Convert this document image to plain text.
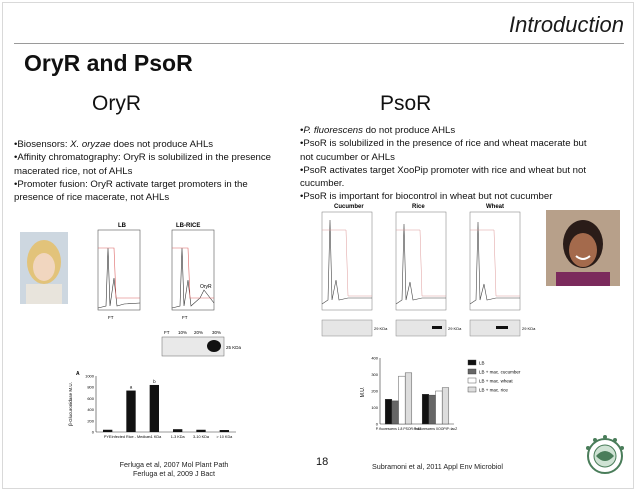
Introduction
OryR and PsoR
OryR
•Biosensors: X. oryzae does not produce AHLs
•Affinity chromatography: OryR is solubilized in the presence macerated rice, not of AHLs
•Promoter fusion: OryR activate target promoters in the presence of rice macerate, not AHLs
LB	LB-RICE
OryR
FT	FT
FT 10% 20% 30%
25 KDa
0
200
400
600
800
1000
β-Glucuronidase M.U.
A
PYE Infected Rice - Medium
< 1 KDa 1-3 KDa 3-10 KDa > 10 KDa
a
b
Ferluga et al, 2007 Mol Plant Path
Ferluga et al, 2009 J Bact
PsoR
•P. fluorescens do not produce AHLs
•PsoR is solubilized in the presence of rice and wheat macerate but not cucumber or AHLs
•PsoR activates target XooPip promoter with rice and wheat but not cucumber.
•PsoR is important for biocontrol in wheat but not cucumber
Cucumber	Rice	Wheat
29 KDa	29 KDa	29 KDa
0
100
200
300
400
M.U.
P. fluorescens 1.8 PSOR::lacZ
P. fluorescens XOOPIP::lacZ
LB
LB + mac. cucumber
LB + mac. wheat
LB + mac. rice
Subramoni et al, 2011 Appl Env Microbiol
18
